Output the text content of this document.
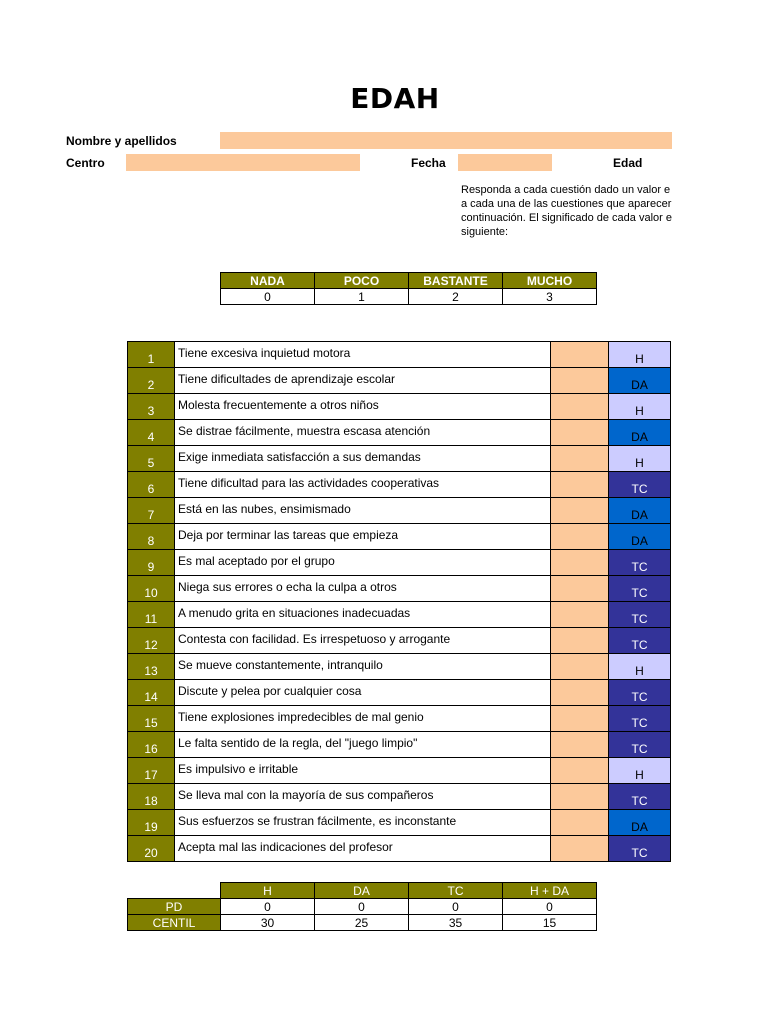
EDAH
Nombre y apellidos
Centro	Fecha	Edad
Responda a cada cuestión dado un valor e
a cada una de las cuestiones que aparecer
continuación. El significado de cada valor e
siguiente:
NADA	POCO	BASTANTE	MUCHO
0	1	2	3
1	Tiene excesiva inquietud motora		H
2	Tiene dificultades de aprendizaje escolar		DA
3	Molesta frecuentemente a otros niños		H
4	Se distrae fácilmente, muestra escasa atención		DA
5	Exige inmediata satisfacción a sus demandas		H
6	Tiene dificultad para las actividades cooperativas		TC
7	Está en las nubes, ensimismado		DA
8	Deja por terminar las tareas que empieza		DA
9	Es mal aceptado por el grupo		TC
10	Niega sus errores o echa la culpa a otros		TC
11	A menudo grita en situaciones inadecuadas		TC
12	Contesta con facilidad. Es irrespetuoso y arrogante		TC
13	Se mueve constantemente, intranquilo		H
14	Discute y pelea por cualquier cosa		TC
15	Tiene explosiones impredecibles de mal genio		TC
16	Le falta sentido de la regla, del "juego limpio"		TC
17	Es impulsivo e irritable		H
18	Se lleva mal con la mayoría de sus compañeros		TC
19	Sus esfuerzos se frustran fácilmente, es inconstante		DA
20	Acepta mal las indicaciones del profesor		TC
	H	DA	TC	H + DA
PD	0	0	0	0
CENTIL	30	25	35	15
